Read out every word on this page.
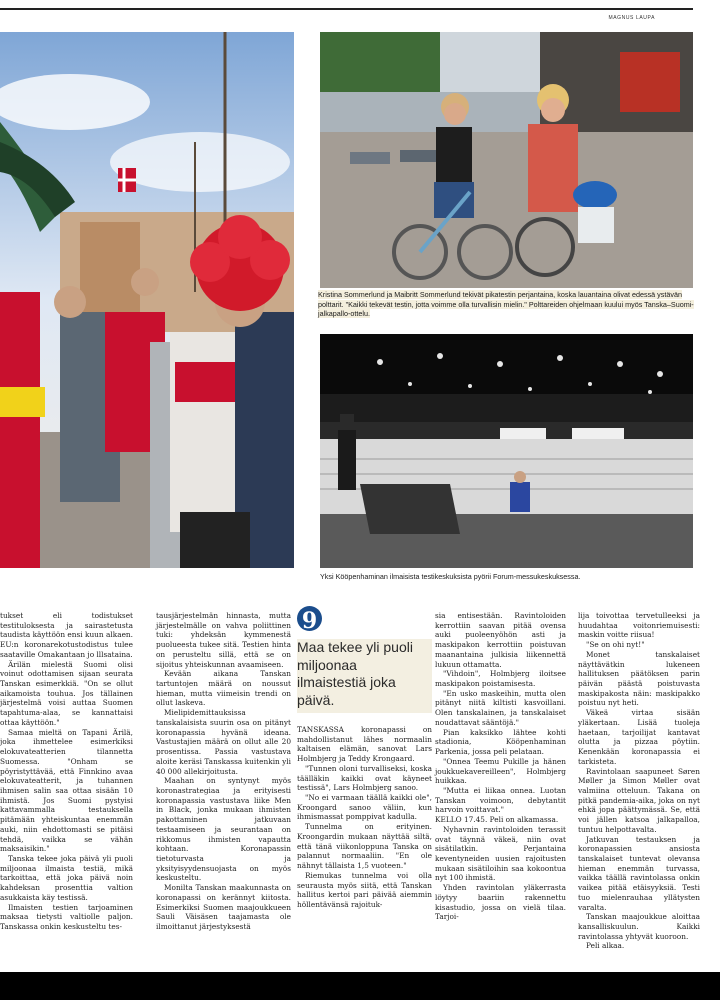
MAGNUS LAUPA
Kristina Sommerlund ja Maibritt Sommerlund tekivät pikatestin perjantaina, koska lauantaina olivat edessä ystävän polttarit. "Kaikki tekevät testin, jotta voimme olla turvallisin mielin." Polttareiden ohjelmaan kuului myös Tanska–Suomi-jalkapallo-ottelu.
Yksi Kööpenhaminan ilmaisista testikeskuksista pyörii Forum-messukeskuksessa.

tukset eli todistukset testituloksesta ja sairastetusta taudista käyttöön ensi kuun alkaen. EU:n koronarekotustodistus tulee saataville Omakantaan jo lllsataina.

Ärilän mielestä Suomi olisi voinut odottamisen sijaan seurata Tanskan esimerkkiä. "On se ollut aikamoista touhua. Jos tällainen järjestelmä voisi auttaa Suomen tapahtuma-alaa, se kannattaisi ottaa käyttöön."

Samaa mieltä on Tapani Ärilä, joka ihmettelee esimerkiksi elokuvateatterien tilannetta Suomessa. "Onham se pöyristyttävää, että Finnkino avaa elokuvateatterit, ja tuhannen ihmisen salin saa ottaa sisään 10 ihmistä. Jos Suomi pystyisi kattavammalla testauksella pitämään yhteiskuntaa enemmän auki, niin ehdottomasti se pitäisi tehdä, vaikka se vähän maksaisikin."

Tanska tekee joka päivä yli puoli miljoonaa ilmaista testiä, mikä tarkoittaa, että joka päivä noin kahdeksan prosenttia valtion asukkaista käy testissä.

Ilmaisten testien tarjoaminen maksaa tietysti valtiolle paljon. Tanskassa onkin keskusteltu tes-

tausjärjestelmän hinnasta, mutta järjestelmälle on vahva poliittinen tuki: yhdeksän kymmenestä puolueesta tukee sitä. Testien hinta on perusteltu sillä, että se on sijoitus yhteiskunnan avaamiseen.

Kevään aikana Tanskan tartuntojen määrä on noussut hieman, mutta viimeisin trendi on ollut laskeva.

Mielipidemittauksissa tanskalaisista suurin osa on pitänyt koronapassia hyvänä ideana. Vastustajien määrä on ollut alle 20 prosentissa. Passia vastustava aloite keräsi Tanskassa kuitenkin yli 40 000 allekirjoitusta.

Maahan on syntynyt myös koronastrategiaa ja erityisesti koronapassia vastustava liike Men in Black, jonka mukaan ihmisten pakottaminen jatkuvaan testaamiseen ja seurantaan on rikkomus ihmisten vapautta kohtaan. Koronapassin tietoturvasta ja yksityisyydensuojasta on myös keskusteltu.

Monilta Tanskan maakunnasta on koronapassi on kerännyt kiitosta. Esimerkiksi Suomen maajoukkueen Sauli Väisäsen taajamasta ole ilmoittanut järjestyksestä

9
Maa tekee yli puoli miljoonaa ilmaistestiä joka päivä.

TANSKASSA koronapassi on mahdollistanut lähes normaalin kaltaisen elämän, sanovat Lars Holmbjerg ja Teddy Krongaard.

"Tunnen oloni turvalliseksi, koska täälläkin kaikki ovat käyneet testissä", Lars Holmbjerg sanoo.

"No ei varmaan täällä kaikki ole", Kroongard sanoo väliin, kun ihmismassat pomppivat kadulla.

Tunnelma on erityinen. Kroongardin mukaan näyttää siltä, että tänä viikonloppuna Tanska on palannut normaaliin. "En ole nähnyt tällaista 1,5 vuoteen."

Riemukas tunnelma voi olla seurausta myös siitä, että Tanskan hallitus kertoi pari päivää aiemmin höllentävänsä rajoituk-

sia entisestään. Ravintoloiden kerrottiin saavan pitää ovensa auki puoleenyöhön asti ja maskipakon kerrottiin poistuvan maanantaina julkisia liikennettä lukuun ottamatta.

"Vihdoin", Holmbjerg iloitsee maskipakon poistamisesta.

"En usko maskeihin, mutta olen pitänyt niitä kiltisti kasvoillani. Olen tanskalainen, ja tanskalaiset noudattavat sääntöjä."

Pian kaksikko lähtee kohti stadionia, Kööpenhaminan Parkenia, jossa peli pelataan.

"Onnea Teemu Pukille ja hänen joukkuekavereilleen", Holmbjerg huikkaa.

"Mutta ei liikaa onnea. Luotan Tanskan voimoon, debytantit harvoin voittavat."

KELLO 17.45. Peli on alkamassa.

Nyhavnin ravintoloiden terassit ovat täynnä väkeä, niin ovat sisätilatkin. Perjantaina keventyneiden uusien rajoitusten mukaan sisätiloihin saa kokoontua nyt 100 ihmistä.

Yhden ravintolan yläkerrasta löytyy baariin rakennettu kisastudio, jossa on vielä tilaa. Tarjoi-

lija toivottaa tervetulleeksi ja huudahtaa voitonriemuisesti: maskin voitte riisua!

"Se on ohi nyt!"

Monet tanskalaiset näyttävätkin lukeneen hallituksen päätöksen parin päivän päästä poistuvasta maskipakosta näin: maskipakko poistuu nyt heti.

Väkeä virtaa sisään yläkertaan. Lisää tuoleja haetaan, tarjoilijat kantavat olutta ja pizzaa pöytiin. Kenenkään koronapassia ei tarkisteta.

Ravintolaan saapuneet Søren Møller ja Simon Møller ovat valmiina otteluun. Takana on pitkä pandemia-aika, joka on nyt ehkä jopa päättymässä. Se, että voi jällen katsoa jalkapalloa, tuntuu helpottavalta.

Jatkuvan testauksen ja koronapassien ansiosta tanskalaiset tuntevat olevansa hieman enemmän turvassa, vaikka täällä ravintolassa onkin vaikea pitää etäisyyksiä. Testi tuo mielenrauhaa yllätysten varalta.

Tanskan maajoukkue aloittaa kansalliskuulun. Kaikki ravintolassa yhtyvät kuoroon.

Peli alkaa.
